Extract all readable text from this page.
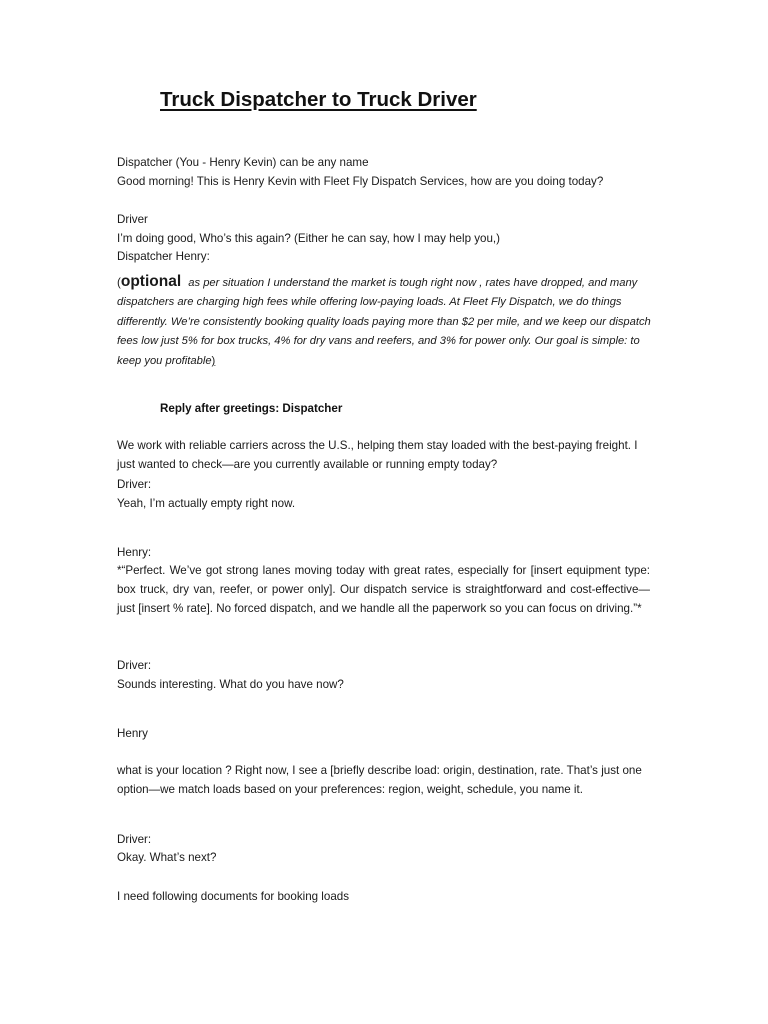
Truck Dispatcher to Truck Driver
Dispatcher (You - Henry Kevin) can be any name
Good morning! This is Henry Kevin with Fleet Fly Dispatch Services, how are you doing today?
Driver
I’m doing good, Who’s this again? (Either he can say, how I may help you,)
Dispatcher Henry:
(optional as per situation I understand the market is tough right now , rates have dropped, and many dispatchers are charging high fees while offering low-paying loads. At Fleet Fly Dispatch, we do things differently. We’re consistently booking quality loads paying more than $2 per mile, and we keep our dispatch fees low just 5% for box trucks, 4% for dry vans and reefers, and 3% for power only. Our goal is simple: to keep you profitable)
Reply after greetings: Dispatcher
We work with reliable carriers across the U.S., helping them stay loaded with the best-paying freight. I just wanted to check—are you currently available or running empty today?
Driver:
Yeah, I’m actually empty right now.
Henry:
*“Perfect. We’ve got strong lanes moving today with great rates, especially for [insert equipment type: box truck, dry van, reefer, or power only]. Our dispatch service is straightforward and cost-effective—just [insert % rate]. No forced dispatch, and we handle all the paperwork so you can focus on driving.”*
Driver:
Sounds interesting. What do you have now?
Henry
what is your location ? Right now, I see a [briefly describe load: origin, destination, rate. That’s just one option—we match loads based on your preferences: region, weight, schedule, you name it.
Driver:
Okay. What’s next?
I need following documents for booking loads
